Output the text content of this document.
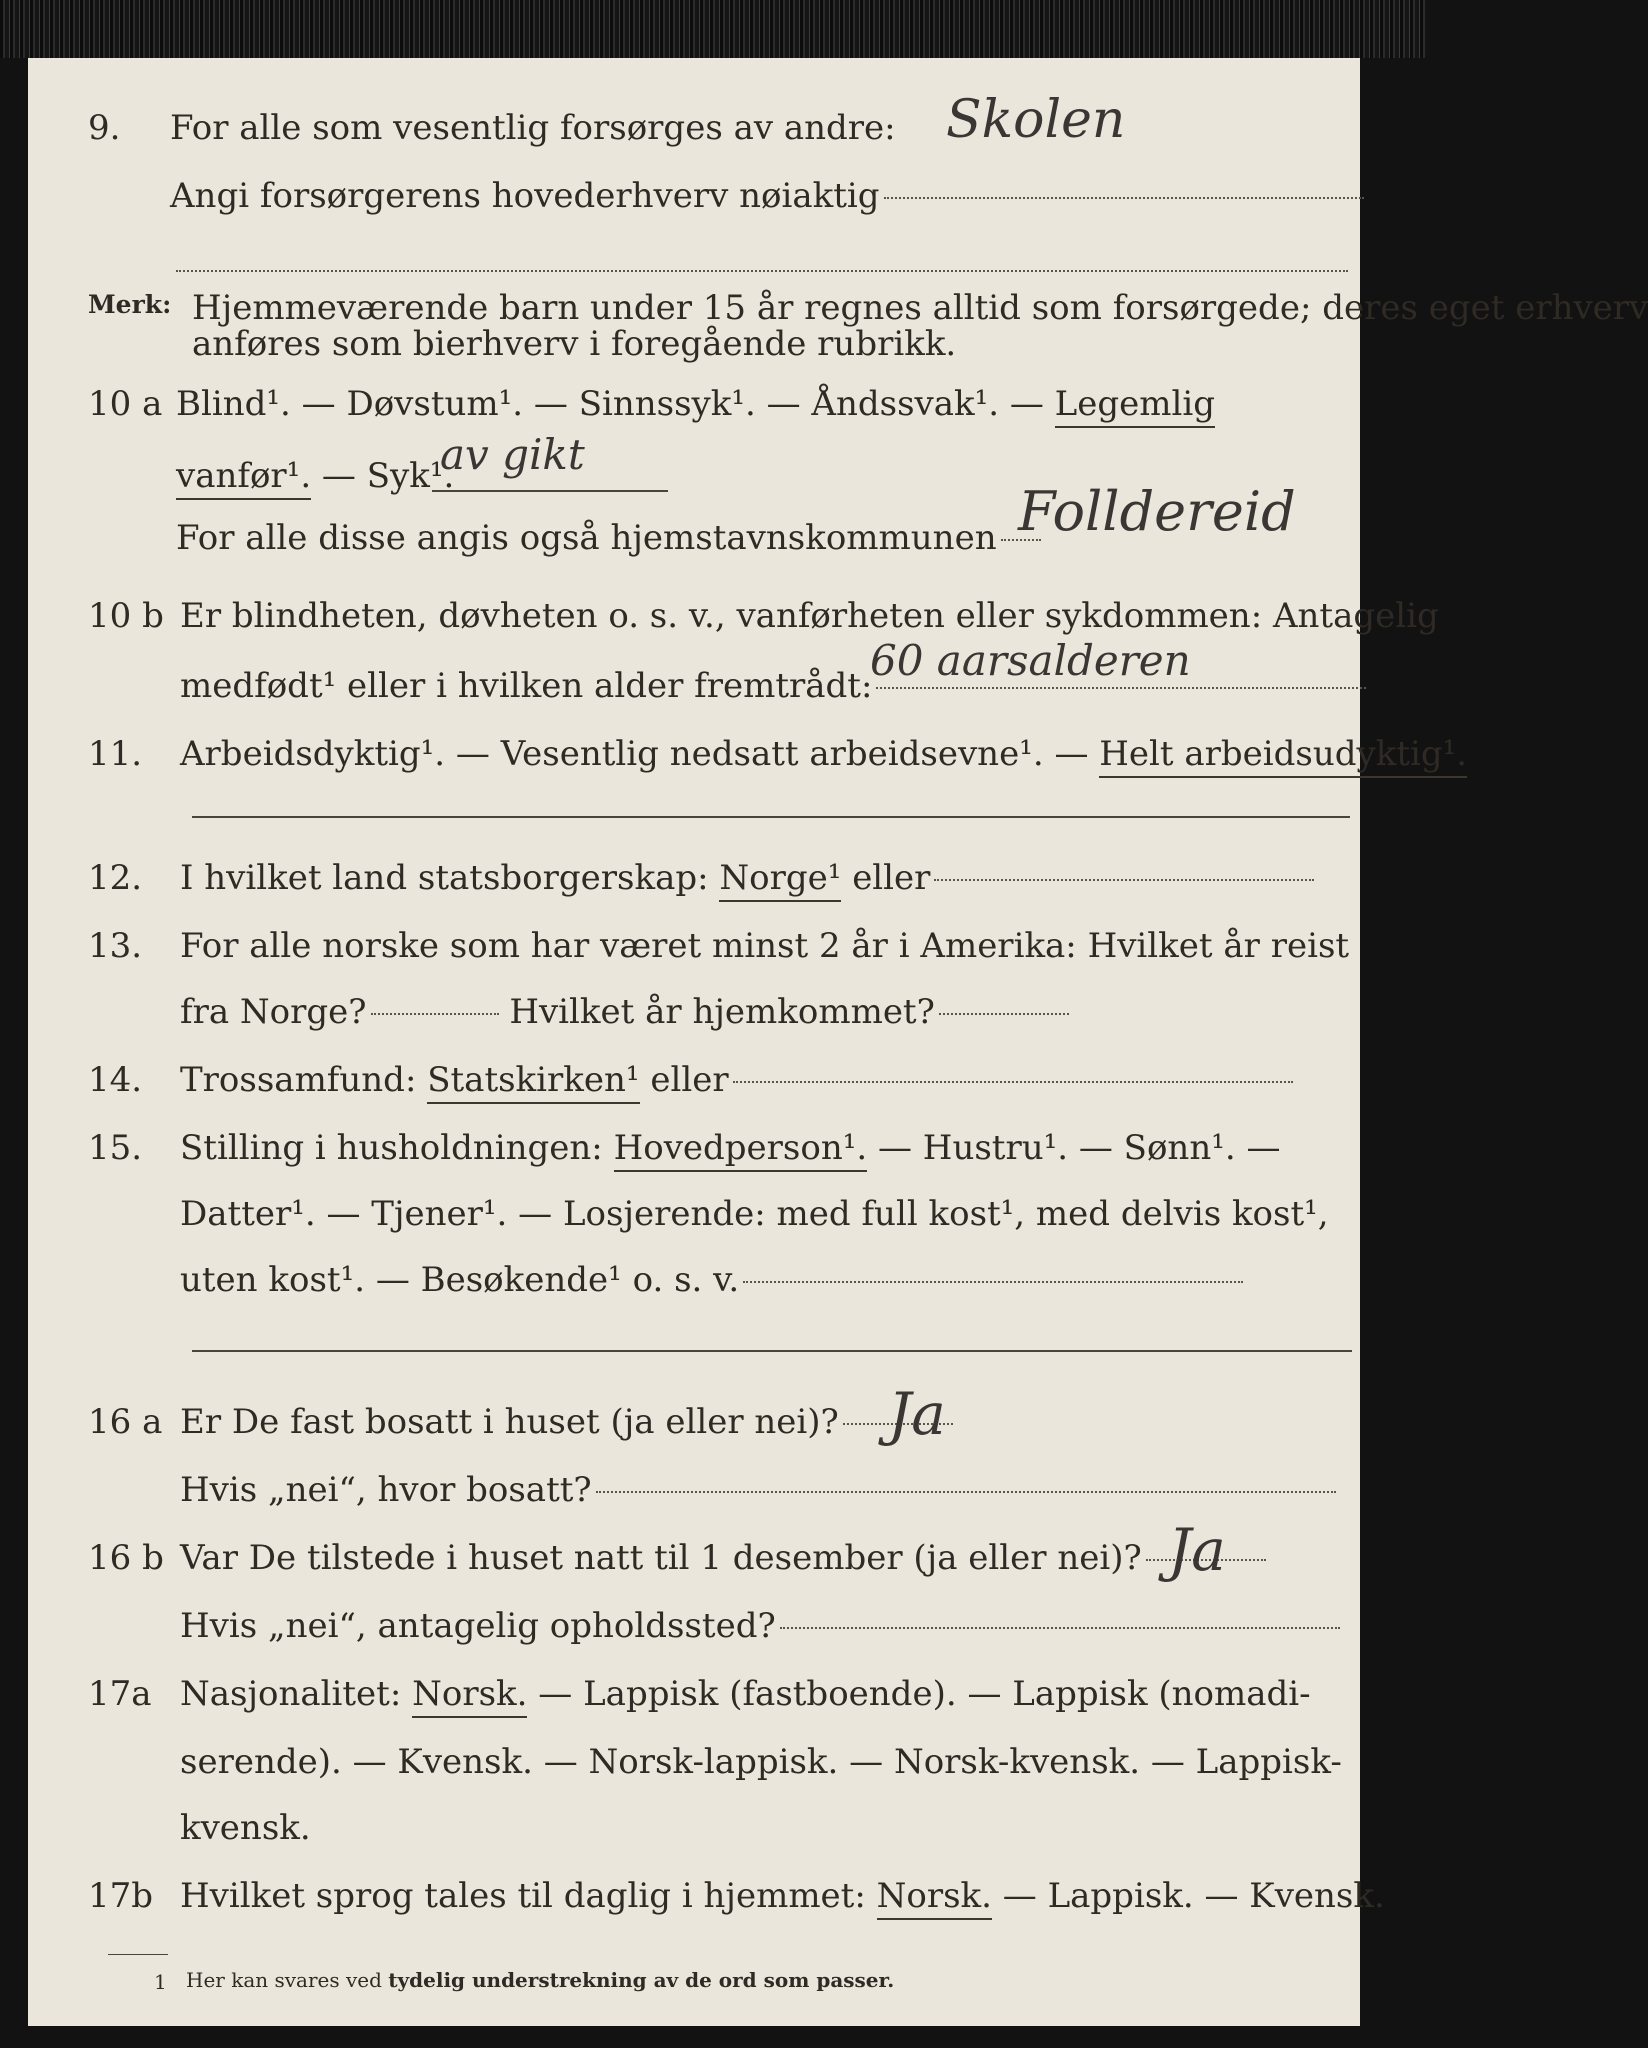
9. For alle som vesentlig forsørges av andre: Skolen
Angi forsørgerens hovederhverv nøiaktig
Merk: Hjemmeværende barn under 15 år regnes alltid som forsørgede; deres eget erhverv
anføres som bierhverv i foregående rubrikk.
10 a Blind¹. — Døvstum¹. — Sinnssyk¹. — Åndssvak¹. — Legemlig
vanfør¹. — Syk¹.
av gikt
For alle disse angis også hjemstavnskommunen Folldereid
10 b Er blindheten, døvheten o. s. v., vanførheten eller sykdommen: Antagelig
medfødt¹ eller i hvilken alder fremtrådt:
60 aarsalderen
11. Arbeidsdyktig¹. — Vesentlig nedsatt arbeidsevne¹. — Helt arbeidsudyktig¹.
12. I hvilket land statsborgerskap: Norge¹ eller
13. For alle norske som har været minst 2 år i Amerika: Hvilket år reist
fra Norge?	Hvilket år hjemkommet?
14. Trossamfund: Statskirken¹ eller
15. Stilling i husholdningen: Hovedperson¹. — Hustru¹. — Sønn¹. —
Datter¹. — Tjener¹. — Losjerende: med full kost¹, med delvis kost¹,
uten kost¹. — Besøkende¹ o. s. v.
16 a Er De fast bosatt i huset (ja eller nei)? Ja
Hvis „nei“, hvor bosatt?
16 b Var De tilstede i huset natt til 1 desember (ja eller nei)? Ja
Hvis „nei“, antagelig opholdssted?
17a Nasjonalitet: Norsk. — Lappisk (fastboende). — Lappisk (nomadi-
serende). — Kvensk. — Norsk-lappisk. — Norsk-kvensk. — Lappisk-
kvensk.
17b Hvilket sprog tales til daglig i hjemmet: Norsk. — Lappisk. — Kvensk.
1 Her kan svares ved tydelig understrekning av de ord som passer.
